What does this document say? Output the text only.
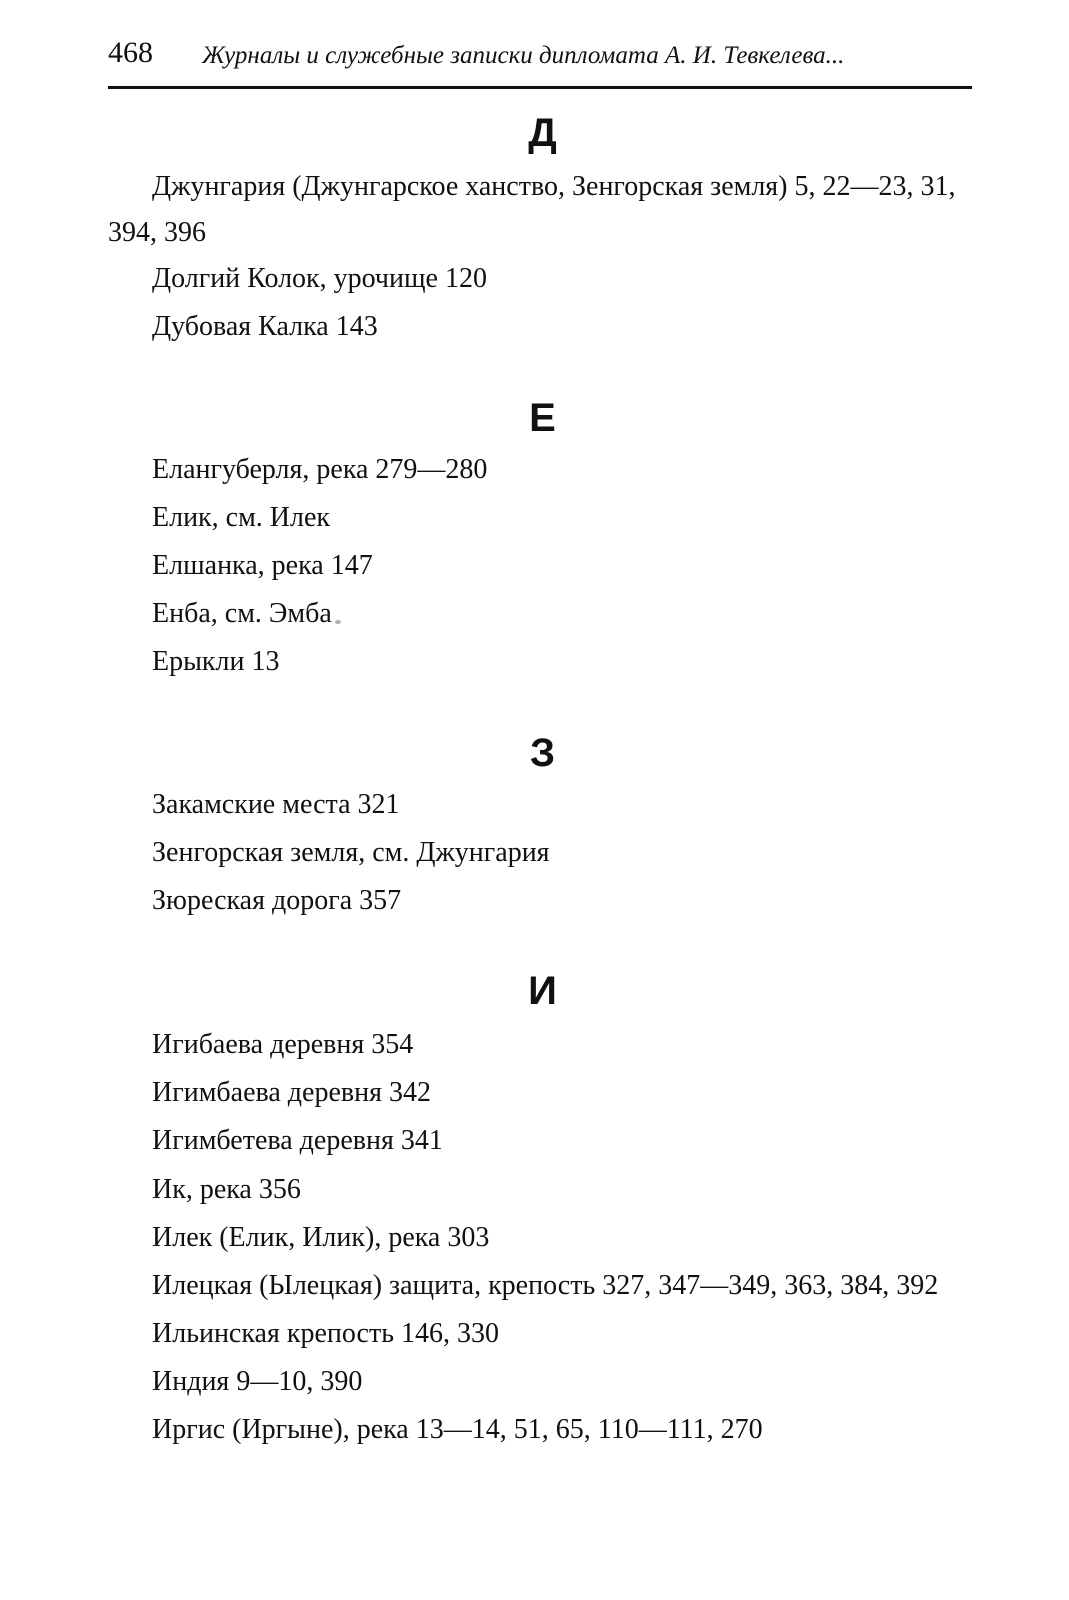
468 Журналы и служебные записки дипломата А. И. Тевкелева...
Д
Джунгария (Джунгарское ханство, Зенгорская земля) 5, 22—23, 31, 394, 396
Долгий Колок, урочище 120
Дубовая Калка 143
Е
Елангуберля, река 279—280
Елик, см. Илек
Елшанка, река 147
Енба, см. Эмба
Ерыкли 13
З
Закамские места 321
Зенгорская земля, см. Джунгария
Зюреская дорога 357
И
Игибаева деревня 354
Игимбаева деревня 342
Игимбетева деревня 341
Ик, река 356
Илек (Елик, Илик), река 303
Илецкая (Ылецкая) защита, крепость 327, 347—349, 363, 384, 392
Ильинская крепость 146, 330
Индия 9—10, 390
Иргис (Иргыне), река 13—14, 51, 65, 110—111, 270
